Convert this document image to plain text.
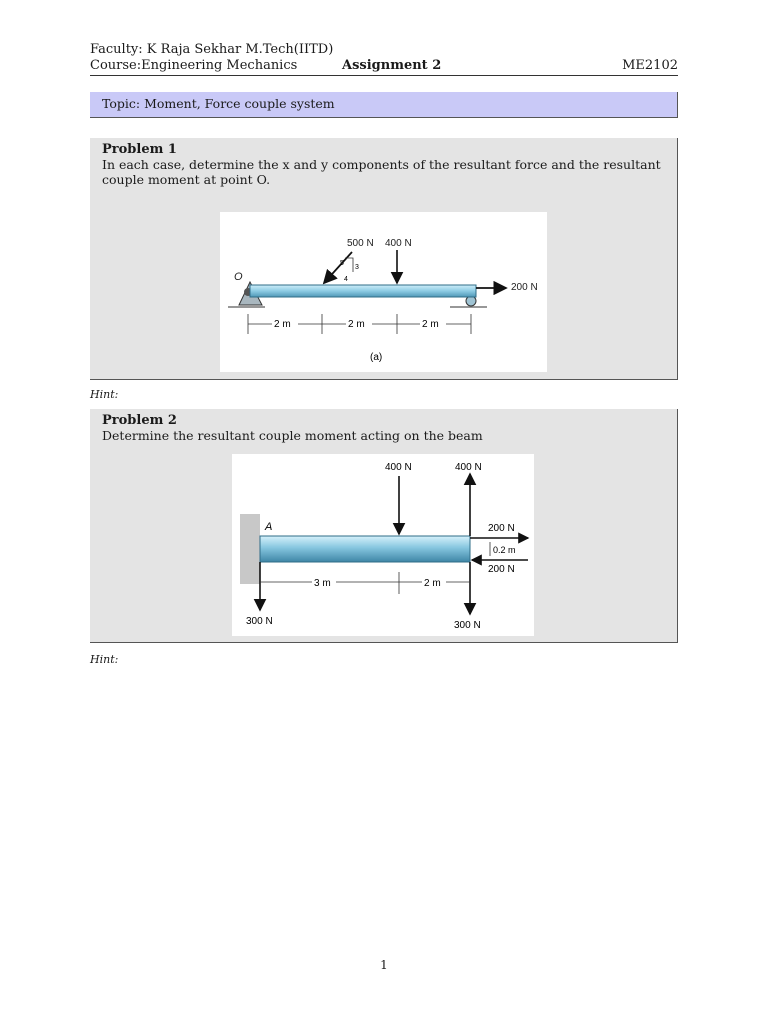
Faculty: K Raja Sekhar M.Tech(IITD)
Course:Engineering Mechanics	Assignment 2	ME2102
Topic: Moment, Force couple system
Problem 1
In each case, determine the x and y components of the resultant force and the resultant couple moment at point O.
O
500 N
5
3
4
400 N
200 N
2 m	2 m	2 m
(a)
Hint:
Problem 2
Determine the resultant couple moment acting on the beam
A
400 N	400 N
200 N
200 N
0.2 m
300 N	300 N
3 m	2 m
Hint:
1
